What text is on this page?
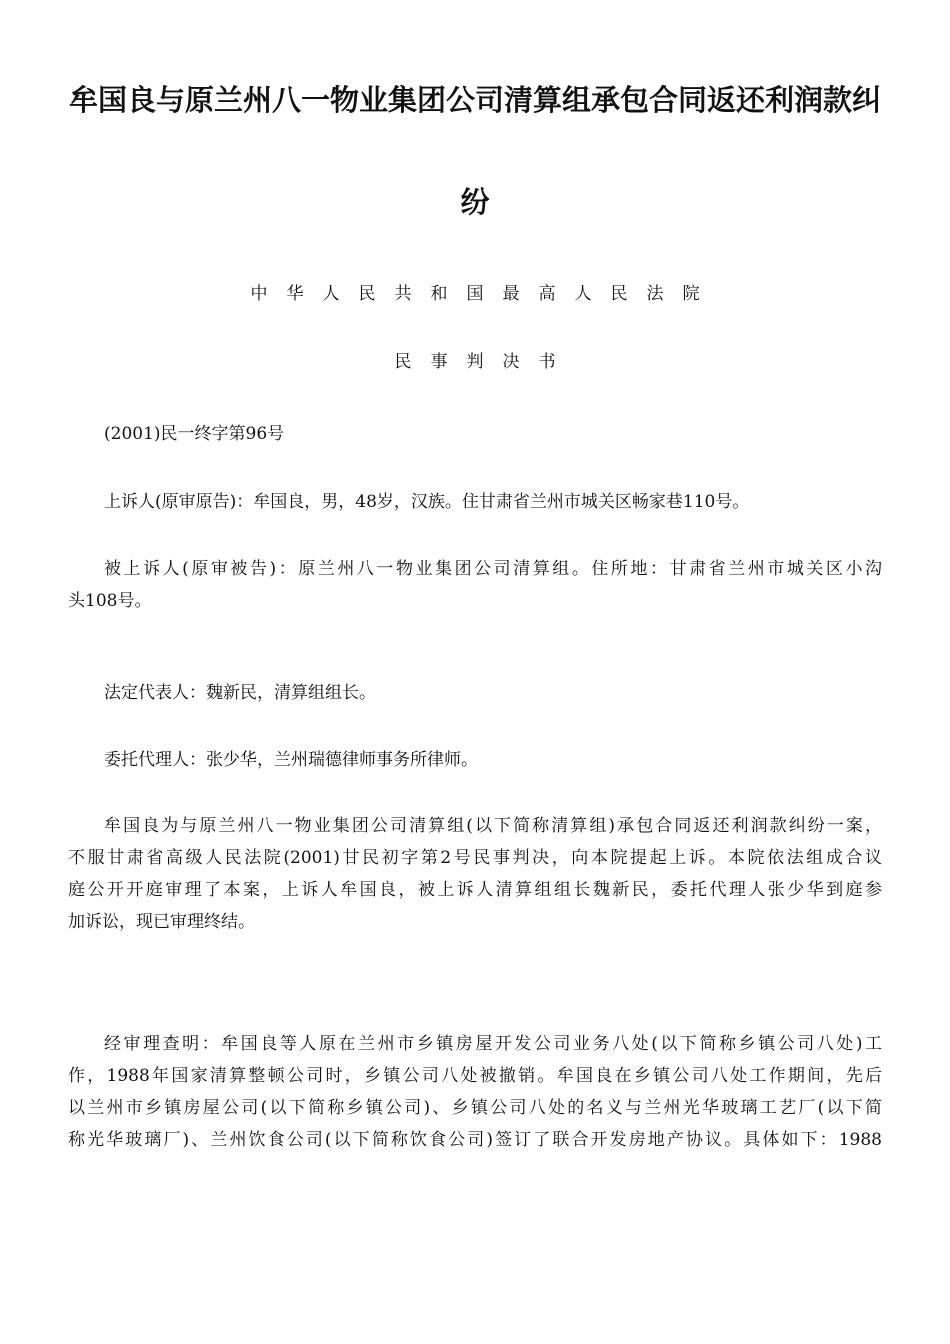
牟国良与原兰州八一物业集团公司清算组承包合同返还利润款纠
纷

中华人民共和国最高人民法院

民事判决书

(2001)民一终字第96号

上诉人(原审原告)：牟国良，男，48岁，汉族。住甘肃省兰州市城关区畅家巷110号。

被上诉人(原审被告)：原兰州八一物业集团公司清算组。住所地：甘肃省兰州市城关区小沟
头108号。

法定代表人：魏新民，清算组组长。

委托代理人：张少华，兰州瑞德律师事务所律师。

牟国良为与原兰州八一物业集团公司清算组(以下简称清算组)承包合同返还利润款纠纷一案，
不服甘肃省高级人民法院(2001)甘民初字第2号民事判决，向本院提起上诉。本院依法组成合议
庭公开开庭审理了本案，上诉人牟国良，被上诉人清算组组长魏新民，委托代理人张少华到庭参
加诉讼，现已审理终结。
经审理查明：牟国良等人原在兰州市乡镇房屋开发公司业务八处(以下简称乡镇公司八处)工
作，1988年国家清算整顿公司时，乡镇公司八处被撤销。牟国良在乡镇公司八处工作期间，先后
以兰州市乡镇房屋公司(以下简称乡镇公司)、乡镇公司八处的名义与兰州光华玻璃工艺厂(以下简
称光华玻璃厂)、兰州饮食公司(以下简称饮食公司)签订了联合开发房地产协议。具体如下：1988
